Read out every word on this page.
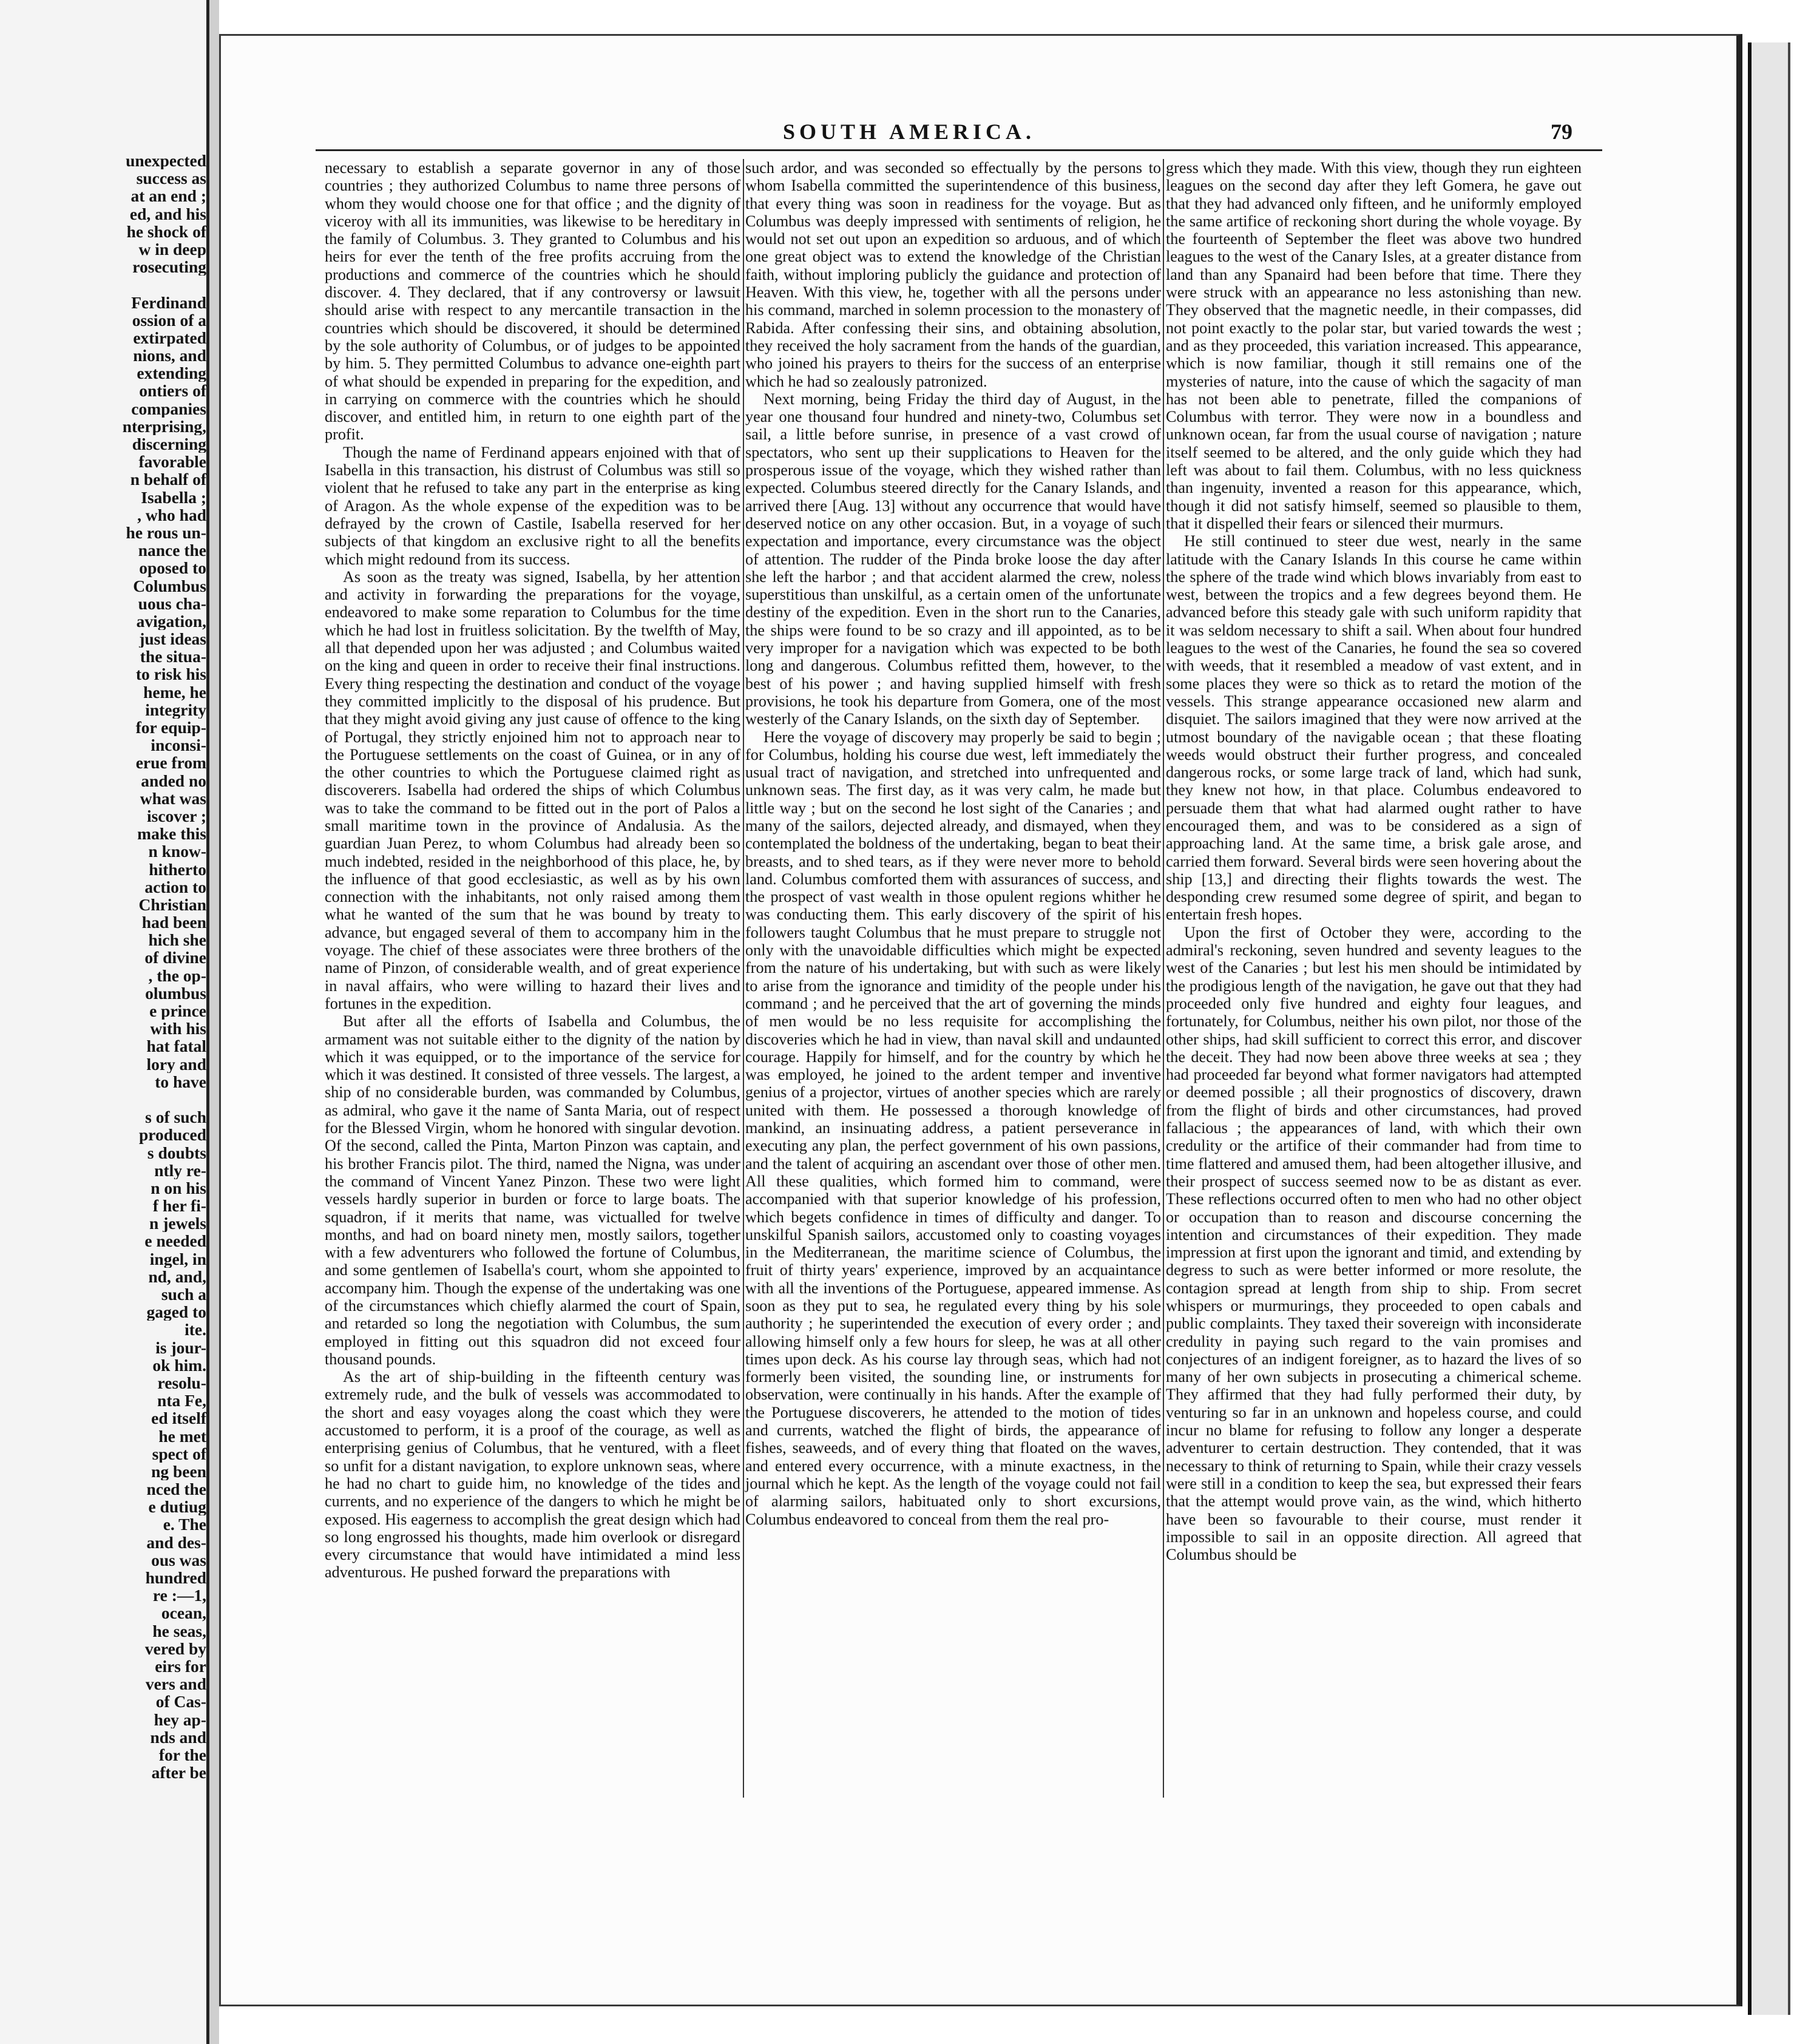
unexpected
success as
at an end ;
ed, and his
he shock of
w in deep
rosecuting
Ferdinand
ossion of a
extirpated
nions, and
extending
ontiers of
companies
nterprising,
discerning
favorable
n behalf of
Isabella ;
, who had
he rous un-
nance the
oposed to
Columbus
uous cha-
avigation,
just ideas
the situa-
to risk his
heme, he
integrity
for equip-
inconsi-
erue from
anded no
what was
iscover ;
make this
n know-
hitherto
action to
Christian
had been
hich she
of divine
, the op-
olumbus
e prince
with his
hat fatal
lory and
to have
s of such
produced
s doubts
ntly re-
n on his
f her fi-
n jewels
e needed
ingel, in
nd, and,
such a
gaged to
ite.
is jour-
ok him.
resolu-
nta Fe,
ed itself
he met
spect of
ng been
nced the
e dutiug
e. The
and des-
ous was
hundred
re :—1,
ocean,
he seas,
vered by
eirs for
vers and
of Cas-
hey ap-
nds and
for the
after be
SOUTH AMERICA.	79

necessary to establish a separate governor in any of those countries ; they authorized Columbus to name three persons of whom they would choose one for that office ; and the dignity of viceroy with all its immunities, was likewise to be hereditary in the family of Columbus. 3. They granted to Columbus and his heirs for ever the tenth of the free profits accruing from the productions and commerce of the countries which he should discover. 4. They declared, that if any controversy or lawsuit should arise with respect to any mercantile transaction in the countries which should be discovered, it should be determined by the sole authority of Columbus, or of judges to be appointed by him. 5. They permitted Columbus to advance one-eighth part of what should be expended in preparing for the expedition, and in carrying on commerce with the countries which he should discover, and entitled him, in return to one eighth part of the profit.

Though the name of Ferdinand appears enjoined with that of Isabella in this transaction, his distrust of Columbus was still so violent that he refused to take any part in the enterprise as king of Aragon. As the whole expense of the expedition was to be defrayed by the crown of Castile, Isabella reserved for her subjects of that kingdom an exclusive right to all the benefits which might redound from its success.

As soon as the treaty was signed, Isabella, by her attention and activity in forwarding the preparations for the voyage, endeavored to make some reparation to Columbus for the time which he had lost in fruitless solicitation. By the twelfth of May, all that depended upon her was adjusted ; and Columbus waited on the king and queen in order to receive their final instructions. Every thing respecting the destination and conduct of the voyage they committed implicitly to the disposal of his prudence. But that they might avoid giving any just cause of offence to the king of Portugal, they strictly enjoined him not to approach near to the Portuguese settlements on the coast of Guinea, or in any of the other countries to which the Portuguese claimed right as discoverers. Isabella had ordered the ships of which Columbus was to take the command to be fitted out in the port of Palos a small maritime town in the province of Andalusia. As the guardian Juan Perez, to whom Columbus had already been so much indebted, resided in the neighborhood of this place, he, by the influence of that good ecclesiastic, as well as by his own connection with the inhabitants, not only raised among them what he wanted of the sum that he was bound by treaty to advance, but engaged several of them to accompany him in the voyage. The chief of these associates were three brothers of the name of Pinzon, of considerable wealth, and of great experience in naval affairs, who were willing to hazard their lives and fortunes in the expedition.

But after all the efforts of Isabella and Columbus, the armament was not suitable either to the dignity of the nation by which it was equipped, or to the importance of the service for which it was destined. It consisted of three vessels. The largest, a ship of no considerable burden, was commanded by Columbus, as admiral, who gave it the name of Santa Maria, out of respect for the Blessed Virgin, whom he honored with singular devotion. Of the second, called the Pinta, Marton Pinzon was captain, and his brother Francis pilot. The third, named the Nigna, was under the command of Vincent Yanez Pinzon. These two were light vessels hardly superior in burden or force to large boats. The squadron, if it merits that name, was victualled for twelve months, and had on board ninety men, mostly sailors, together with a few adventurers who followed the fortune of Columbus, and some gentlemen of Isabella's court, whom she appointed to accompany him. Though the expense of the undertaking was one of the circumstances which chiefly alarmed the court of Spain, and retarded so long the negotiation with Columbus, the sum employed in fitting out this squadron did not exceed four thousand pounds.

As the art of ship-building in the fifteenth century was extremely rude, and the bulk of vessels was accommodated to the short and easy voyages along the coast which they were accustomed to perform, it is a proof of the courage, as well as enterprising genius of Columbus, that he ventured, with a fleet so unfit for a distant navigation, to explore unknown seas, where he had no chart to guide him, no knowledge of the tides and currents, and no experience of the dangers to which he might be exposed. His eagerness to accomplish the great design which had so long engrossed his thoughts, made him overlook or disregard every circumstance that would have intimidated a mind less adventurous. He pushed forward the preparations with

such ardor, and was seconded so effectually by the persons to whom Isabella committed the superintendence of this business, that every thing was soon in readiness for the voyage. But as Columbus was deeply impressed with sentiments of religion, he would not set out upon an expedition so arduous, and of which one great object was to extend the knowledge of the Christian faith, without imploring publicly the guidance and protection of Heaven. With this view, he, together with all the persons under his command, marched in solemn procession to the monastery of Rabida. After confessing their sins, and obtaining absolution, they received the holy sacrament from the hands of the guardian, who joined his prayers to theirs for the success of an enterprise which he had so zealously patronized.

Next morning, being Friday the third day of August, in the year one thousand four hundred and ninety-two, Columbus set sail, a little before sunrise, in presence of a vast crowd of spectators, who sent up their supplications to Heaven for the prosperous issue of the voyage, which they wished rather than expected. Columbus steered directly for the Canary Islands, and arrived there [Aug. 13] without any occurrence that would have deserved notice on any other occasion. But, in a voyage of such expectation and importance, every circumstance was the object of attention. The rudder of the Pinda broke loose the day after she left the harbor ; and that accident alarmed the crew, noless superstitious than unskilful, as a certain omen of the unfortunate destiny of the expedition. Even in the short run to the Canaries, the ships were found to be so crazy and ill appointed, as to be very improper for a navigation which was expected to be both long and dangerous. Columbus refitted them, however, to the best of his power ; and having supplied himself with fresh provisions, he took his departure from Gomera, one of the most westerly of the Canary Islands, on the sixth day of September.

Here the voyage of discovery may properly be said to begin ; for Columbus, holding his course due west, left immediately the usual tract of navigation, and stretched into unfrequented and unknown seas. The first day, as it was very calm, he made but little way ; but on the second he lost sight of the Canaries ; and many of the sailors, dejected already, and dismayed, when they contemplated the boldness of the undertaking, began to beat their breasts, and to shed tears, as if they were never more to behold land. Columbus comforted them with assurances of success, and the prospect of vast wealth in those opulent regions whither he was conducting them. This early discovery of the spirit of his followers taught Columbus that he must prepare to struggle not only with the unavoidable difficulties which might be expected from the nature of his undertaking, but with such as were likely to arise from the ignorance and timidity of the people under his command ; and he perceived that the art of governing the minds of men would be no less requisite for accomplishing the discoveries which he had in view, than naval skill and undaunted courage. Happily for himself, and for the country by which he was employed, he joined to the ardent temper and inventive genius of a projector, virtues of another species which are rarely united with them. He possessed a thorough knowledge of mankind, an insinuating address, a patient perseverance in executing any plan, the perfect government of his own passions, and the talent of acquiring an ascendant over those of other men. All these qualities, which formed him to command, were accompanied with that superior knowledge of his profession, which begets confidence in times of difficulty and danger. To unskilful Spanish sailors, accustomed only to coasting voyages in the Mediterranean, the maritime science of Columbus, the fruit of thirty years' experience, improved by an acquaintance with all the inventions of the Portuguese, appeared immense. As soon as they put to sea, he regulated every thing by his sole authority ; he superintended the execution of every order ; and allowing himself only a few hours for sleep, he was at all other times upon deck. As his course lay through seas, which had not formerly been visited, the sounding line, or instruments for observation, were continually in his hands. After the example of the Portuguese discoverers, he attended to the motion of tides and currents, watched the flight of birds, the appearance of fishes, seaweeds, and of every thing that floated on the waves, and entered every occurrence, with a minute exactness, in the journal which he kept. As the length of the voyage could not fail of alarming sailors, habituated only to short excursions, Columbus endeavored to conceal from them the real pro-

gress which they made. With this view, though they run eighteen leagues on the second day after they left Gomera, he gave out that they had advanced only fifteen, and he uniformly employed the same artifice of reckoning short during the whole voyage. By the fourteenth of September the fleet was above two hundred leagues to the west of the Canary Isles, at a greater distance from land than any Spanaird had been before that time. There they were struck with an appearance no less astonishing than new. They observed that the magnetic needle, in their compasses, did not point exactly to the polar star, but varied towards the west ; and as they proceeded, this variation increased. This appearance, which is now familiar, though it still remains one of the mysteries of nature, into the cause of which the sagacity of man has not been able to penetrate, filled the companions of Columbus with terror. They were now in a boundless and unknown ocean, far from the usual course of navigation ; nature itself seemed to be altered, and the only guide which they had left was about to fail them. Columbus, with no less quickness than ingenuity, invented a reason for this appearance, which, though it did not satisfy himself, seemed so plausible to them, that it dispelled their fears or silenced their murmurs.

He still continued to steer due west, nearly in the same latitude with the Canary Islands In this course he came within the sphere of the trade wind which blows invariably from east to west, between the tropics and a few degrees beyond them. He advanced before this steady gale with such uniform rapidity that it was seldom necessary to shift a sail. When about four hundred leagues to the west of the Canaries, he found the sea so covered with weeds, that it resembled a meadow of vast extent, and in some places they were so thick as to retard the motion of the vessels. This strange appearance occasioned new alarm and disquiet. The sailors imagined that they were now arrived at the utmost boundary of the navigable ocean ; that these floating weeds would obstruct their further progress, and concealed dangerous rocks, or some large track of land, which had sunk, they knew not how, in that place. Columbus endeavored to persuade them that what had alarmed ought rather to have encouraged them, and was to be considered as a sign of approaching land. At the same time, a brisk gale arose, and carried them forward. Several birds were seen hovering about the ship [13,] and directing their flights towards the west. The desponding crew resumed some degree of spirit, and began to entertain fresh hopes.

Upon the first of October they were, according to the admiral's reckoning, seven hundred and seventy leagues to the west of the Canaries ; but lest his men should be intimidated by the prodigious length of the navigation, he gave out that they had proceeded only five hundred and eighty four leagues, and fortunately, for Columbus, neither his own pilot, nor those of the other ships, had skill sufficient to correct this error, and discover the deceit. They had now been above three weeks at sea ; they had proceeded far beyond what former navigators had attempted or deemed possible ; all their prognostics of discovery, drawn from the flight of birds and other circumstances, had proved fallacious ; the appearances of land, with which their own credulity or the artifice of their commander had from time to time flattered and amused them, had been altogether illusive, and their prospect of success seemed now to be as distant as ever. These reflections occurred often to men who had no other object or occupation than to reason and discourse concerning the intention and circumstances of their expedition. They made impression at first upon the ignorant and timid, and extending by degress to such as were better informed or more resolute, the contagion spread at length from ship to ship. From secret whispers or murmurings, they proceeded to open cabals and public complaints. They taxed their sovereign with inconsiderate credulity in paying such regard to the vain promises and conjectures of an indigent foreigner, as to hazard the lives of so many of her own subjects in prosecuting a chimerical scheme. They affirmed that they had fully performed their duty, by venturing so far in an unknown and hopeless course, and could incur no blame for refusing to follow any longer a desperate adventurer to certain destruction. They contended, that it was necessary to think of returning to Spain, while their crazy vessels were still in a condition to keep the sea, but expressed their fears that the attempt would prove vain, as the wind, which hitherto have been so favourable to their course, must render it impossible to sail in an opposite direction. All agreed that Columbus should be
